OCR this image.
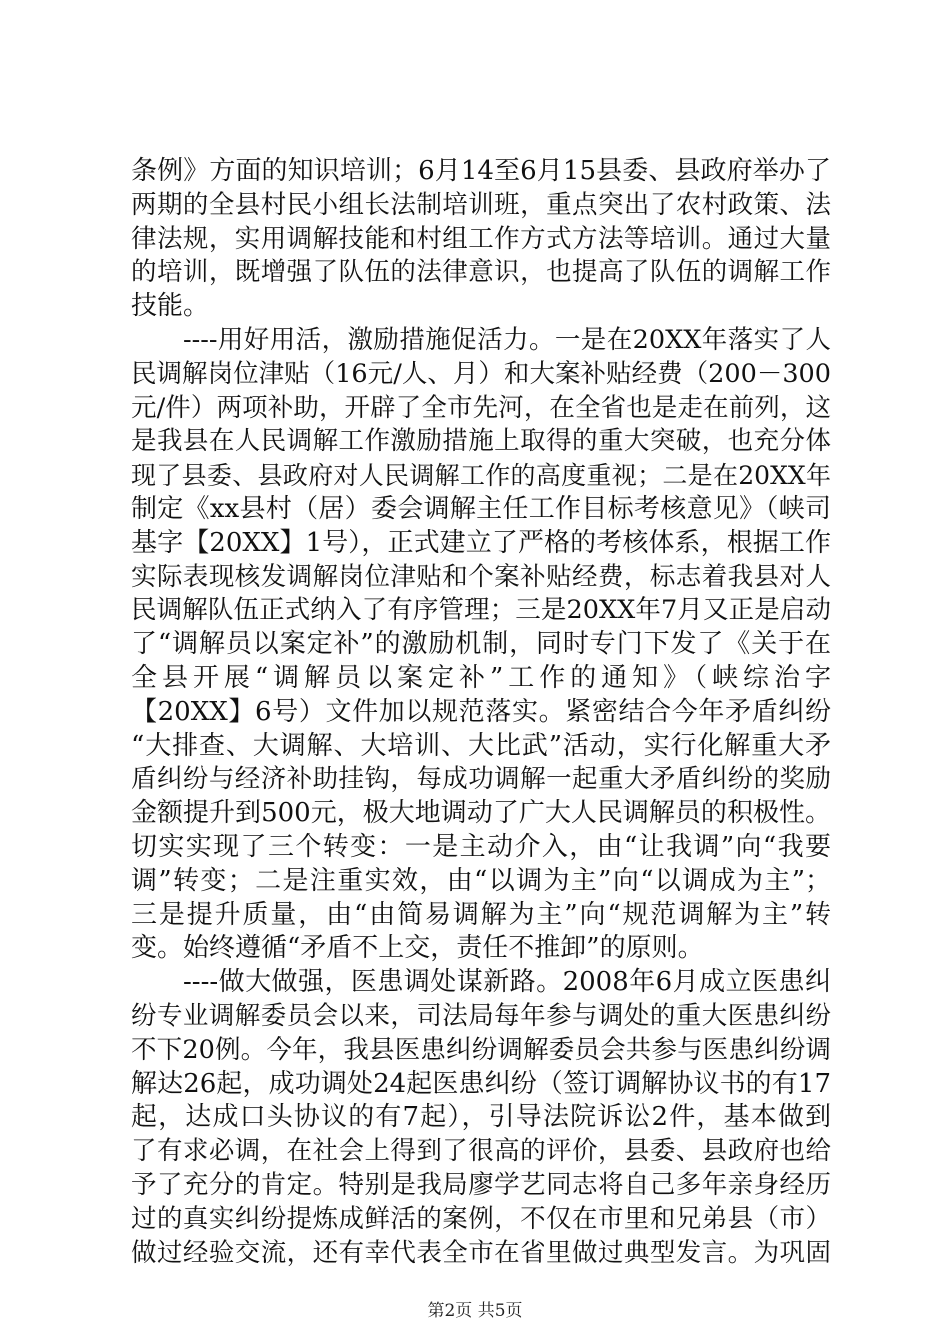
条例》方面的知识培训；6月14至6月15县委、县政府举办了
两期的全县村民小组长法制培训班，重点突出了农村政策、法
律法规，实用调解技能和村组工作方式方法等培训。通过大量
的培训，既增强了队伍的法律意识，也提高了队伍的调解工作
技能。
----用好用活，激励措施促活力。一是在20XX年落实了人
民调解岗位津贴（16元/人、月）和大案补贴经费（200－300
元/件）两项补助，开辟了全市先河，在全省也是走在前列，这
是我县在人民调解工作激励措施上取得的重大突破，也充分体
现了县委、县政府对人民调解工作的高度重视；二是在20XX年
制定《xx县村（居）委会调解主任工作目标考核意见》（峡司
基字【20XX】1号），正式建立了严格的考核体系，根据工作
实际表现核发调解岗位津贴和个案补贴经费，标志着我县对人
民调解队伍正式纳入了有序管理；三是20XX年7月又正是启动
了“调解员以案定补”的激励机制，同时专门下发了《关于在
全县开展“调解员以案定补”工作的通知》（峡综治字
【20XX】6号）文件加以规范落实。紧密结合今年矛盾纠纷
“大排查、大调解、大培训、大比武”活动，实行化解重大矛
盾纠纷与经济补助挂钩，每成功调解一起重大矛盾纠纷的奖励
金额提升到500元，极大地调动了广大人民调解员的积极性。
切实实现了三个转变：一是主动介入，由“让我调”向“我要
调”转变；二是注重实效，由“以调为主”向“以调成为主”；
三是提升质量，由“由简易调解为主”向“规范调解为主”转
变。始终遵循“矛盾不上交，责任不推卸”的原则。
----做大做强，医患调处谋新路。2008年6月成立医患纠
纷专业调解委员会以来，司法局每年参与调处的重大医患纠纷
不下20例。今年，我县医患纠纷调解委员会共参与医患纠纷调
解达26起，成功调处24起医患纠纷（签订调解协议书的有17
起，达成口头协议的有7起），引导法院诉讼2件，基本做到
了有求必调，在社会上得到了很高的评价，县委、县政府也给
予了充分的肯定。特别是我局廖学艺同志将自己多年亲身经历
过的真实纠纷提炼成鲜活的案例，不仅在市里和兄弟县（市）
做过经验交流，还有幸代表全市在省里做过典型发言。为巩固
第2页 共5页
